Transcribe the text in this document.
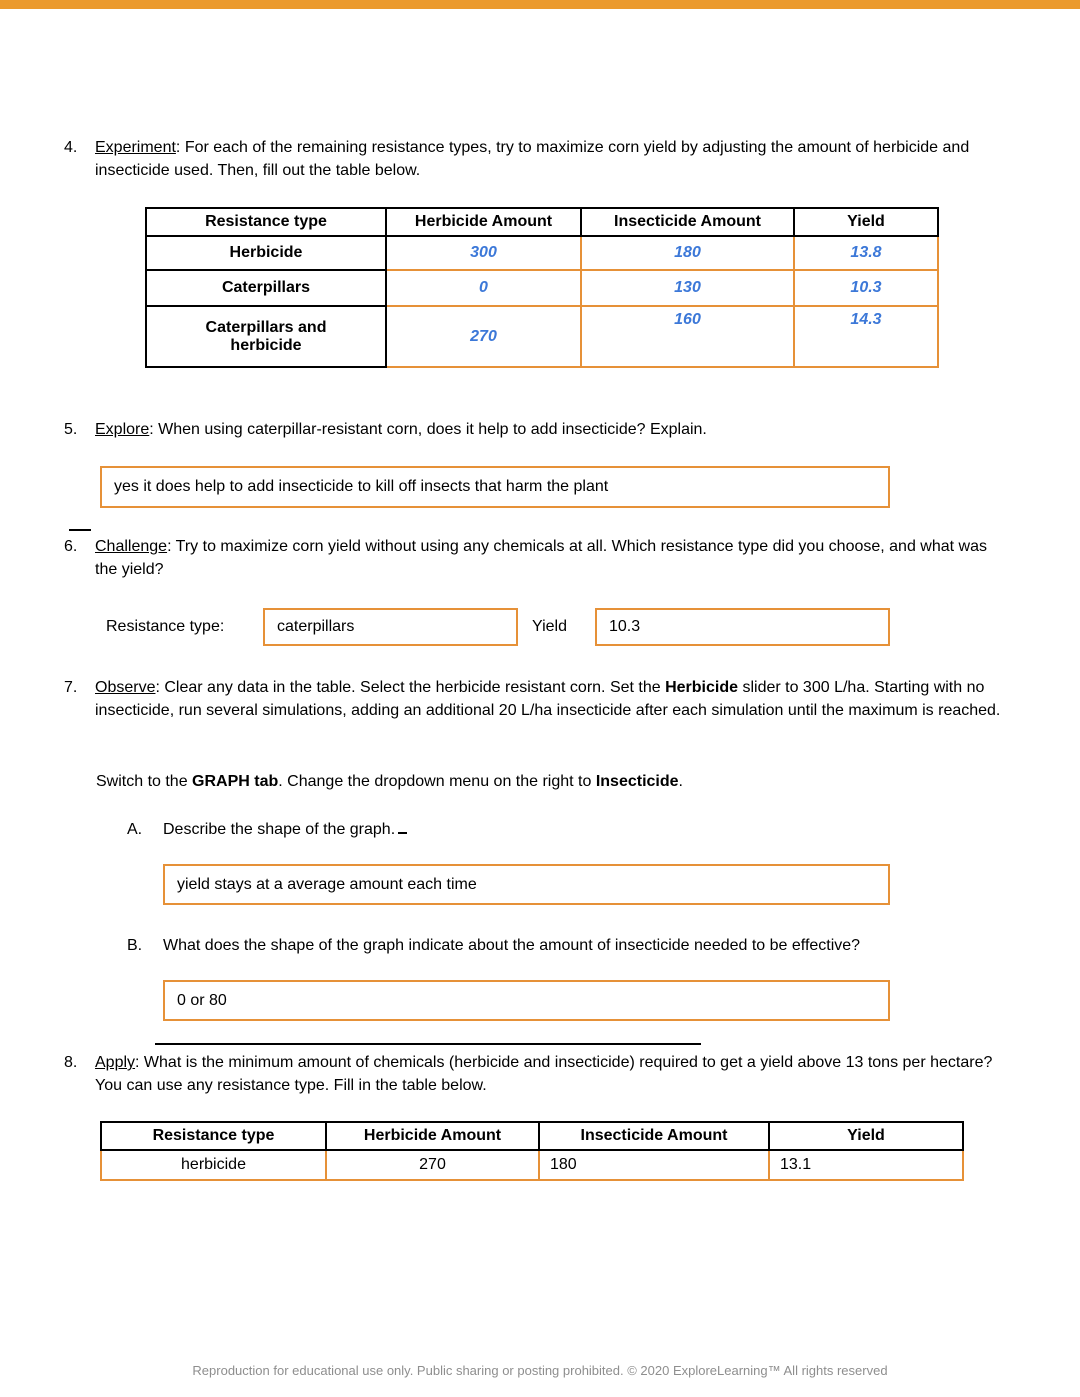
4.	Experiment: For each of the remaining resistance types, try to maximize corn yield by adjusting the amount of herbicide and insecticide used. Then, fill out the table below.
Resistance type	Herbicide Amount	Insecticide Amount	Yield
Herbicide	300	180	13.8
Caterpillars	0	130	10.3
Caterpillars and herbicide	270	160	14.3
5.	Explore: When using caterpillar-resistant corn, does it help to add insecticide? Explain.
yes it does help to add insecticide to kill off insects that harm the plant
6.	Challenge: Try to maximize corn yield without using any chemicals at all. Which resistance type did you choose, and what was the yield?
Resistance type:	caterpillars	Yield	10.3
7.	Observe: Clear any data in the table. Select the herbicide resistant corn. Set the Herbicide slider to 300 L/ha. Starting with no insecticide, run several simulations, adding an additional 20 L/ha insecticide after each simulation until the maximum is reached.
Switch to the GRAPH tab. Change the dropdown menu on the right to Insecticide.
A.	Describe the shape of the graph.
yield stays at a average amount each time
B.	What does the shape of the graph indicate about the amount of insecticide needed to be effective?
0 or 80
8.	Apply: What is the minimum amount of chemicals (herbicide and insecticide) required to get a yield above 13 tons per hectare? You can use any resistance type. Fill in the table below.
Resistance type	Herbicide Amount	Insecticide Amount	Yield
herbicide	270	180	13.1
Reproduction for educational use only. Public sharing or posting prohibited. © 2020 ExploreLearning™ All rights reserved
